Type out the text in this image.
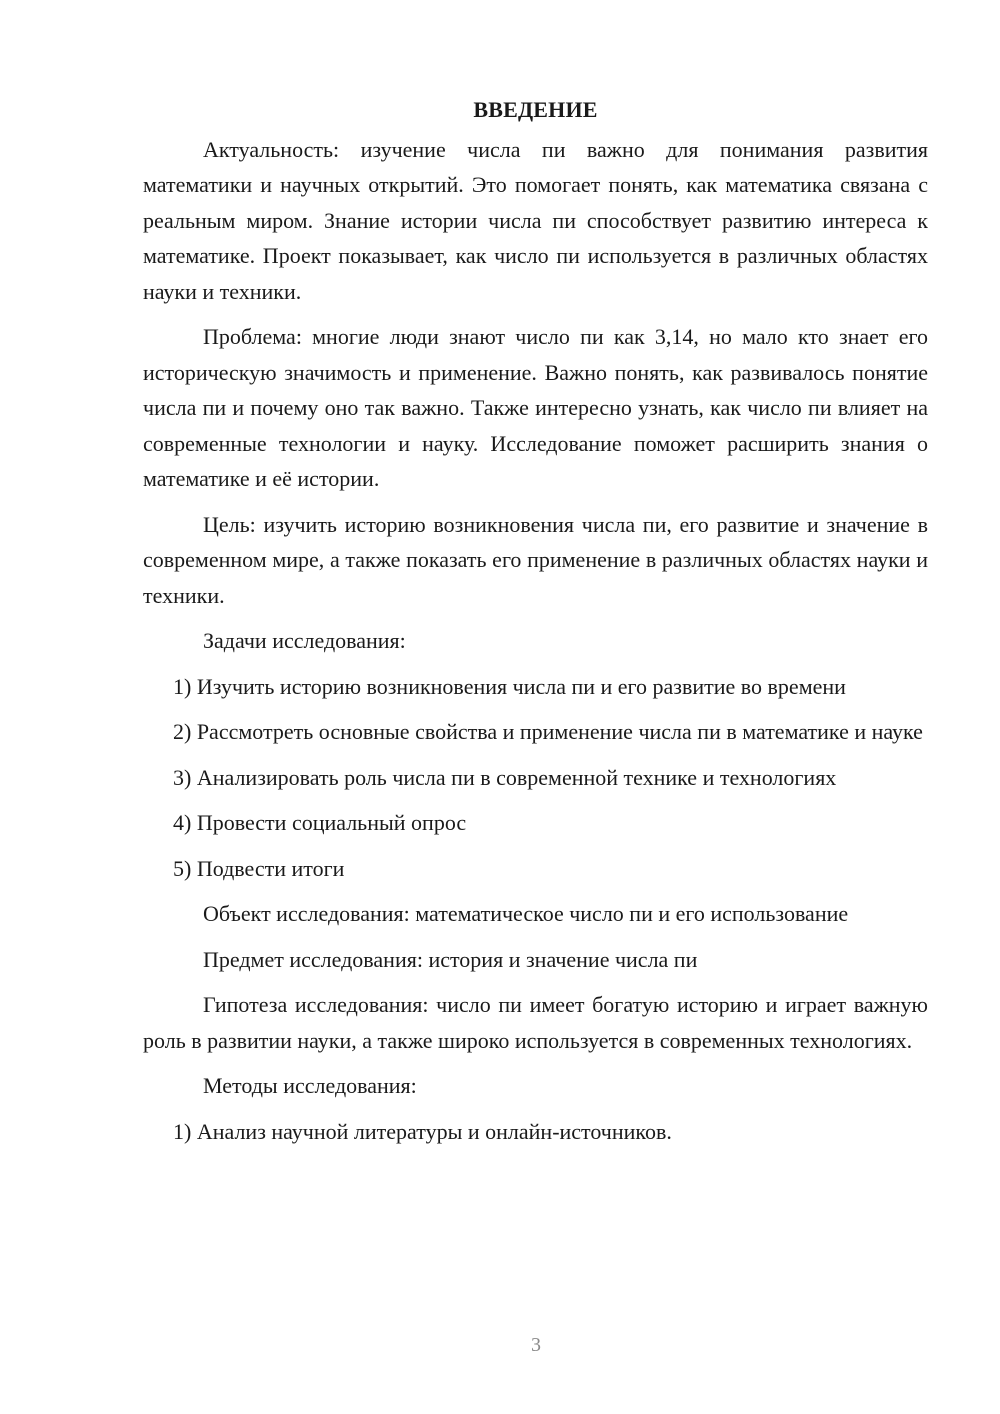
ВВЕДЕНИЕ

Актуальность: изучение числа пи важно для понимания развития математики и научных открытий. Это помогает понять, как математика связана с реальным миром. Знание истории числа пи способствует развитию интереса к математике. Проект показывает, как число пи используется в различных областях науки и техники.

Проблема: многие люди знают число пи как 3,14, но мало кто знает его историческую значимость и применение. Важно понять, как развивалось понятие числа пи и почему оно так важно. Также интересно узнать, как число пи влияет на современные технологии и науку. Исследование поможет расширить знания о математике и её истории.

Цель: изучить историю возникновения числа пи, его развитие и значение в современном мире, а также показать его применение в различных областях науки и техники.

Задачи исследования:

1) Изучить историю возникновения числа пи и его развитие во времени

2) Рассмотреть основные свойства и применение числа пи в математике и науке

3) Анализировать роль числа пи в современной технике и технологиях

4) Провести социальный опрос

5) Подвести итоги

Объект исследования: математическое число пи и его использование

Предмет исследования: история и значение числа пи

Гипотеза исследования: число пи имеет богатую историю и играет важную роль в развитии науки, а также широко используется в современных технологиях.

Методы исследования:

1) Анализ научной литературы и онлайн-источников.

3
